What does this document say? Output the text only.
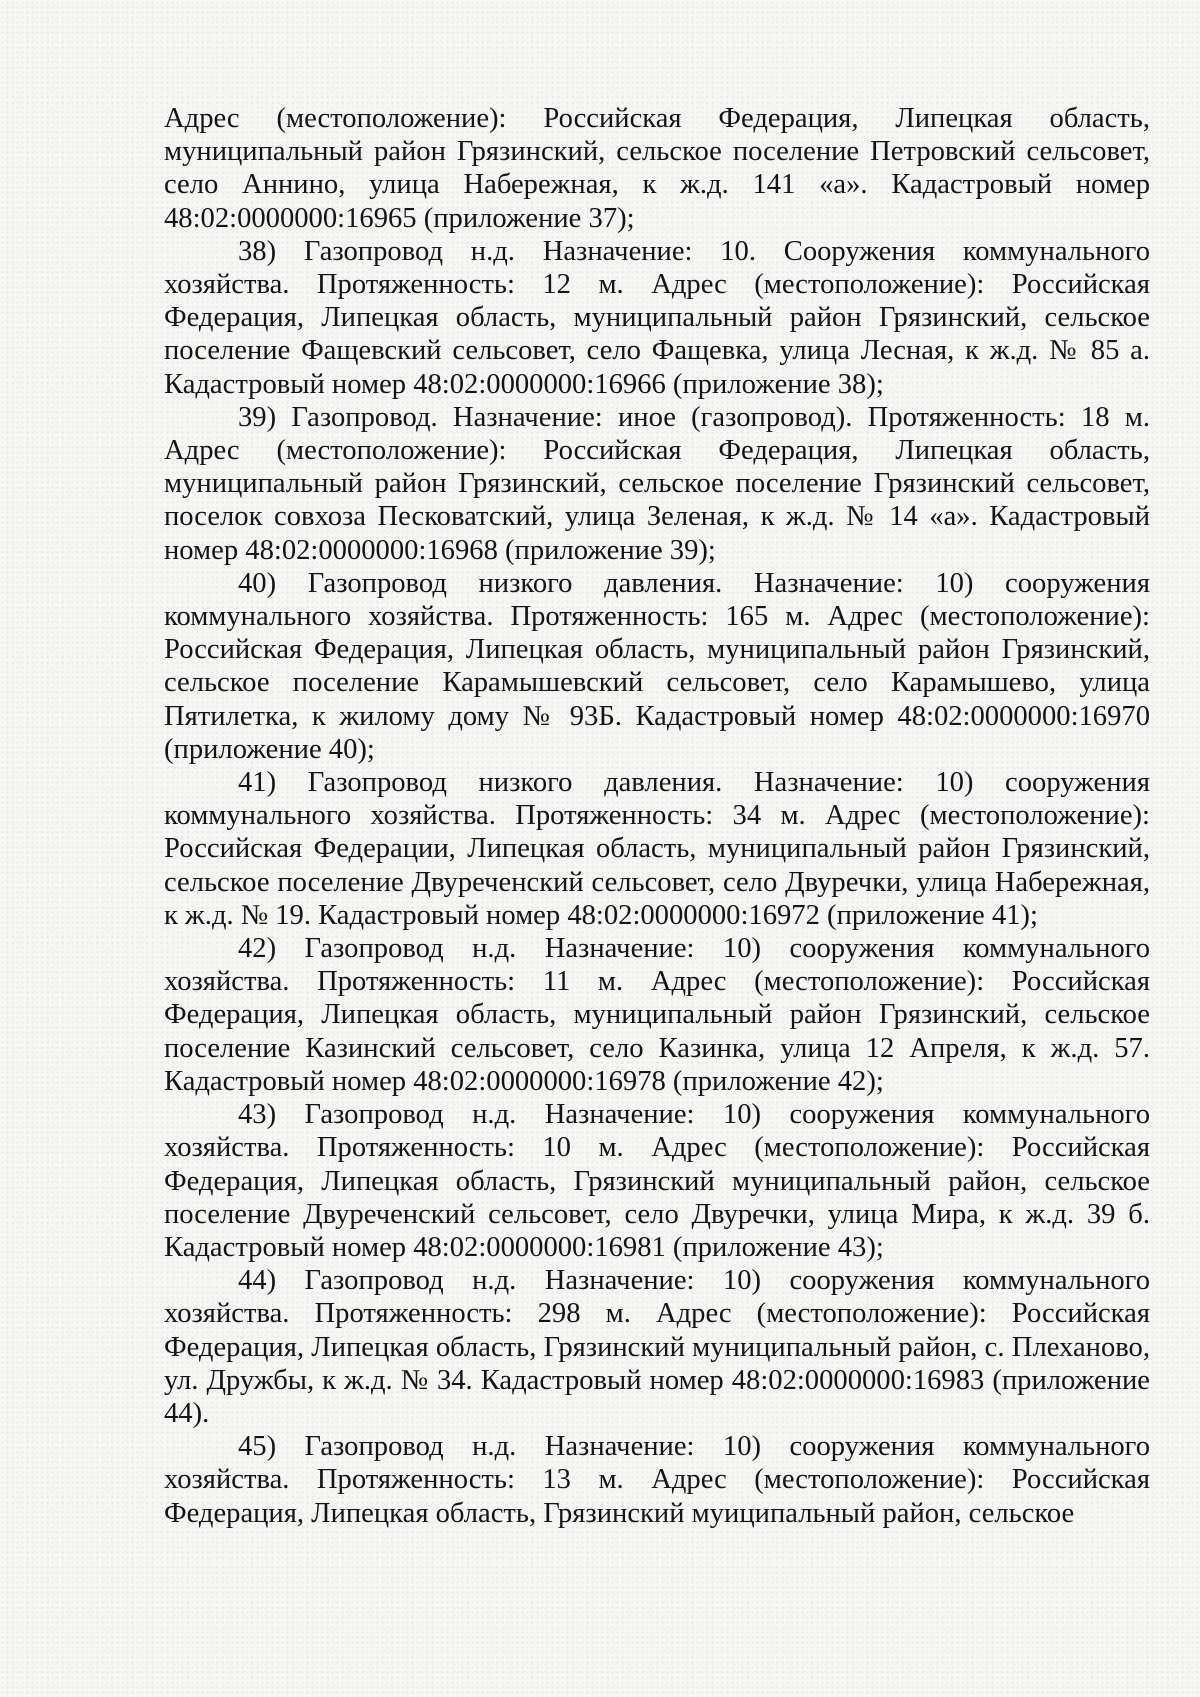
Адрес (местоположение): Российская Федерация, Липецкая область, муниципальный район Грязинский, сельское поселение Петровский сельсовет, село Аннино, улица Набережная, к ж.д. 141 «а». Кадастровый номер 48:02:0000000:16965 (приложение 37);

38) Газопровод н.д. Назначение: 10. Сооружения коммунального хозяйства. Протяженность: 12 м. Адрес (местоположение): Российская Федерация, Липецкая область, муниципальный район Грязинский, сельское поселение Фащевский сельсовет, село Фащевка, улица Лесная, к ж.д. № 85 а. Кадастровый номер 48:02:0000000:16966 (приложение 38);

39) Газопровод. Назначение: иное (газопровод). Протяженность: 18 м. Адрес (местоположение): Российская Федерация, Липецкая область, муниципальный район Грязинский, сельское поселение Грязинский сельсовет, поселок совхоза Песковатский, улица Зеленая, к ж.д. № 14 «а». Кадастровый номер 48:02:0000000:16968 (приложение 39);

40) Газопровод низкого давления. Назначение: 10) сооружения коммунального хозяйства. Протяженность: 165 м. Адрес (местоположение): Российская Федерация, Липецкая область, муниципальный район Грязинский, сельское поселение Карамышевский сельсовет, село Карамышево, улица Пятилетка, к жилому дому № 93Б. Кадастровый номер 48:02:0000000:16970 (приложение 40);

41) Газопровод низкого давления. Назначение: 10) сооружения коммунального хозяйства. Протяженность: 34 м. Адрес (местоположение): Российская Федерации, Липецкая область, муниципальный район Грязинский, сельское поселение Двуреченский сельсовет, село Двуречки, улица Набережная, к ж.д. № 19. Кадастровый номер 48:02:0000000:16972 (приложение 41);

42) Газопровод н.д. Назначение: 10) сооружения коммунального хозяйства. Протяженность: 11 м. Адрес (местоположение): Российская Федерация, Липецкая область, муниципальный район Грязинский, сельское поселение Казинский сельсовет, село Казинка, улица 12 Апреля, к ж.д. 57. Кадастровый номер 48:02:0000000:16978 (приложение 42);

43) Газопровод н.д. Назначение: 10) сооружения коммунального хозяйства. Протяженность: 10 м. Адрес (местоположение): Российская Федерация, Липецкая область, Грязинский муниципальный район, сельское поселение Двуреченский сельсовет, село Двуречки, улица Мира, к ж.д. 39 б. Кадастровый номер 48:02:0000000:16981 (приложение 43);

44) Газопровод н.д. Назначение: 10) сооружения коммунального хозяйства. Протяженность: 298 м. Адрес (местоположение): Российская Федерация, Липецкая область, Грязинский муниципальный район, с. Плеханово, ул. Дружбы, к ж.д. № 34. Кадастровый номер 48:02:0000000:16983 (приложение 44).

45) Газопровод н.д. Назначение: 10) сооружения коммунального хозяйства. Протяженность: 13 м. Адрес (местоположение): Российская Федерация, Липецкая область, Грязинский муиципальный район, сельское
